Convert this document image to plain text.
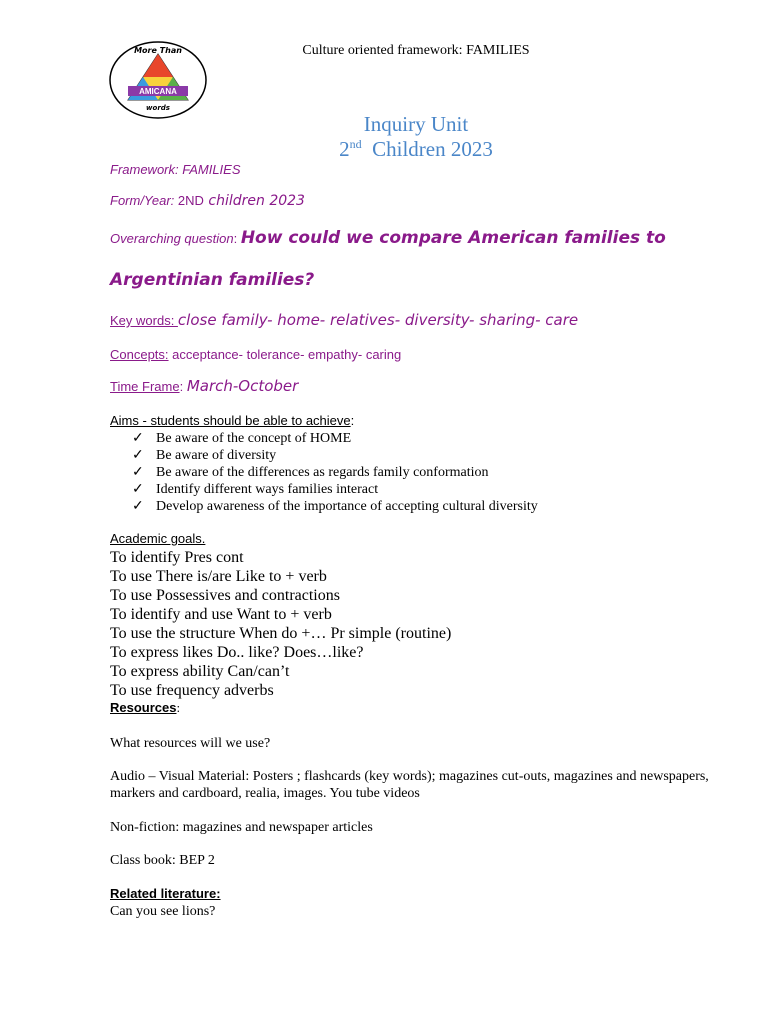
AMICANA
More Than
words
Culture oriented framework: FAMILIES
Inquiry Unit
2nd Children 2023
Framework: FAMILIES
Form/Year: 2ND children 2023
Overarching question: How could we compare American families to
Argentinian families?
Key words: close family- home- relatives- diversity- sharing- care
Concepts: acceptance- tolerance- empathy- caring
Time Frame: March-October
Aims - students should be able to achieve:
✓ Be aware of the concept of HOME
✓ Be aware of diversity
✓ Be aware of the differences as regards family conformation
✓ Identify different ways families interact
✓ Develop awareness of the importance of accepting cultural diversity
Academic goals.
To identify Pres cont
To use There is/are Like to + verb
To use Possessives and contractions
To identify and use Want to + verb
To use the structure When do +… Pr simple (routine)
To express likes Do.. like? Does…like?
To express ability Can/can’t
To use frequency adverbs
Resources:
What resources will we use?
Audio – Visual Material: Posters ; flashcards (key words); magazines cut-outs, magazines and newspapers, markers and cardboard, realia, images. You tube videos
Non-fiction: magazines and newspaper articles
Class book: BEP 2
Related literature:
Can you see lions?
